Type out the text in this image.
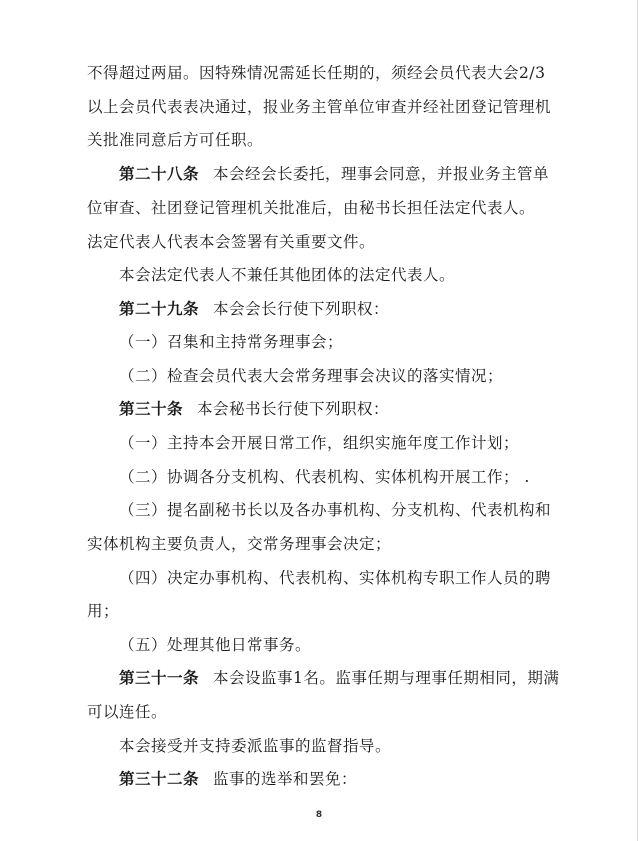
不得超过两届。因特殊情况需延长任期的，须经会员代表大会2/3
以上会员代表表决通过，报业务主管单位审查并经社团登记管理机
关批准同意后方可任职。
第二十八条 本会经会长委托，理事会同意，并报业务主管单
位审查、社团登记管理机关批准后，由秘书长担任法定代表人。
法定代表人代表本会签署有关重要文件。
本会法定代表人不兼任其他团体的法定代表人。
第二十九条 本会会长行使下列职权：
（一）召集和主持常务理事会；
（二）检查会员代表大会常务理事会决议的落实情况；
第三十条 本会秘书长行使下列职权：
（一）主持本会开展日常工作，组织实施年度工作计划；
（二）协调各分支机构、代表机构、实体机构开展工作； .
（三）提名副秘书长以及各办事机构、分支机构、代表机构和
实体机构主要负责人，交常务理事会决定；
（四）决定办事机构、代表机构、实体机构专职工作人员的聘
用；
（五）处理其他日常事务。
第三十一条 本会设监事1名。监事任期与理事任期相同，期满
可以连任。
本会接受并支持委派监事的监督指导。
第三十二条 监事的选举和罢免：
8
